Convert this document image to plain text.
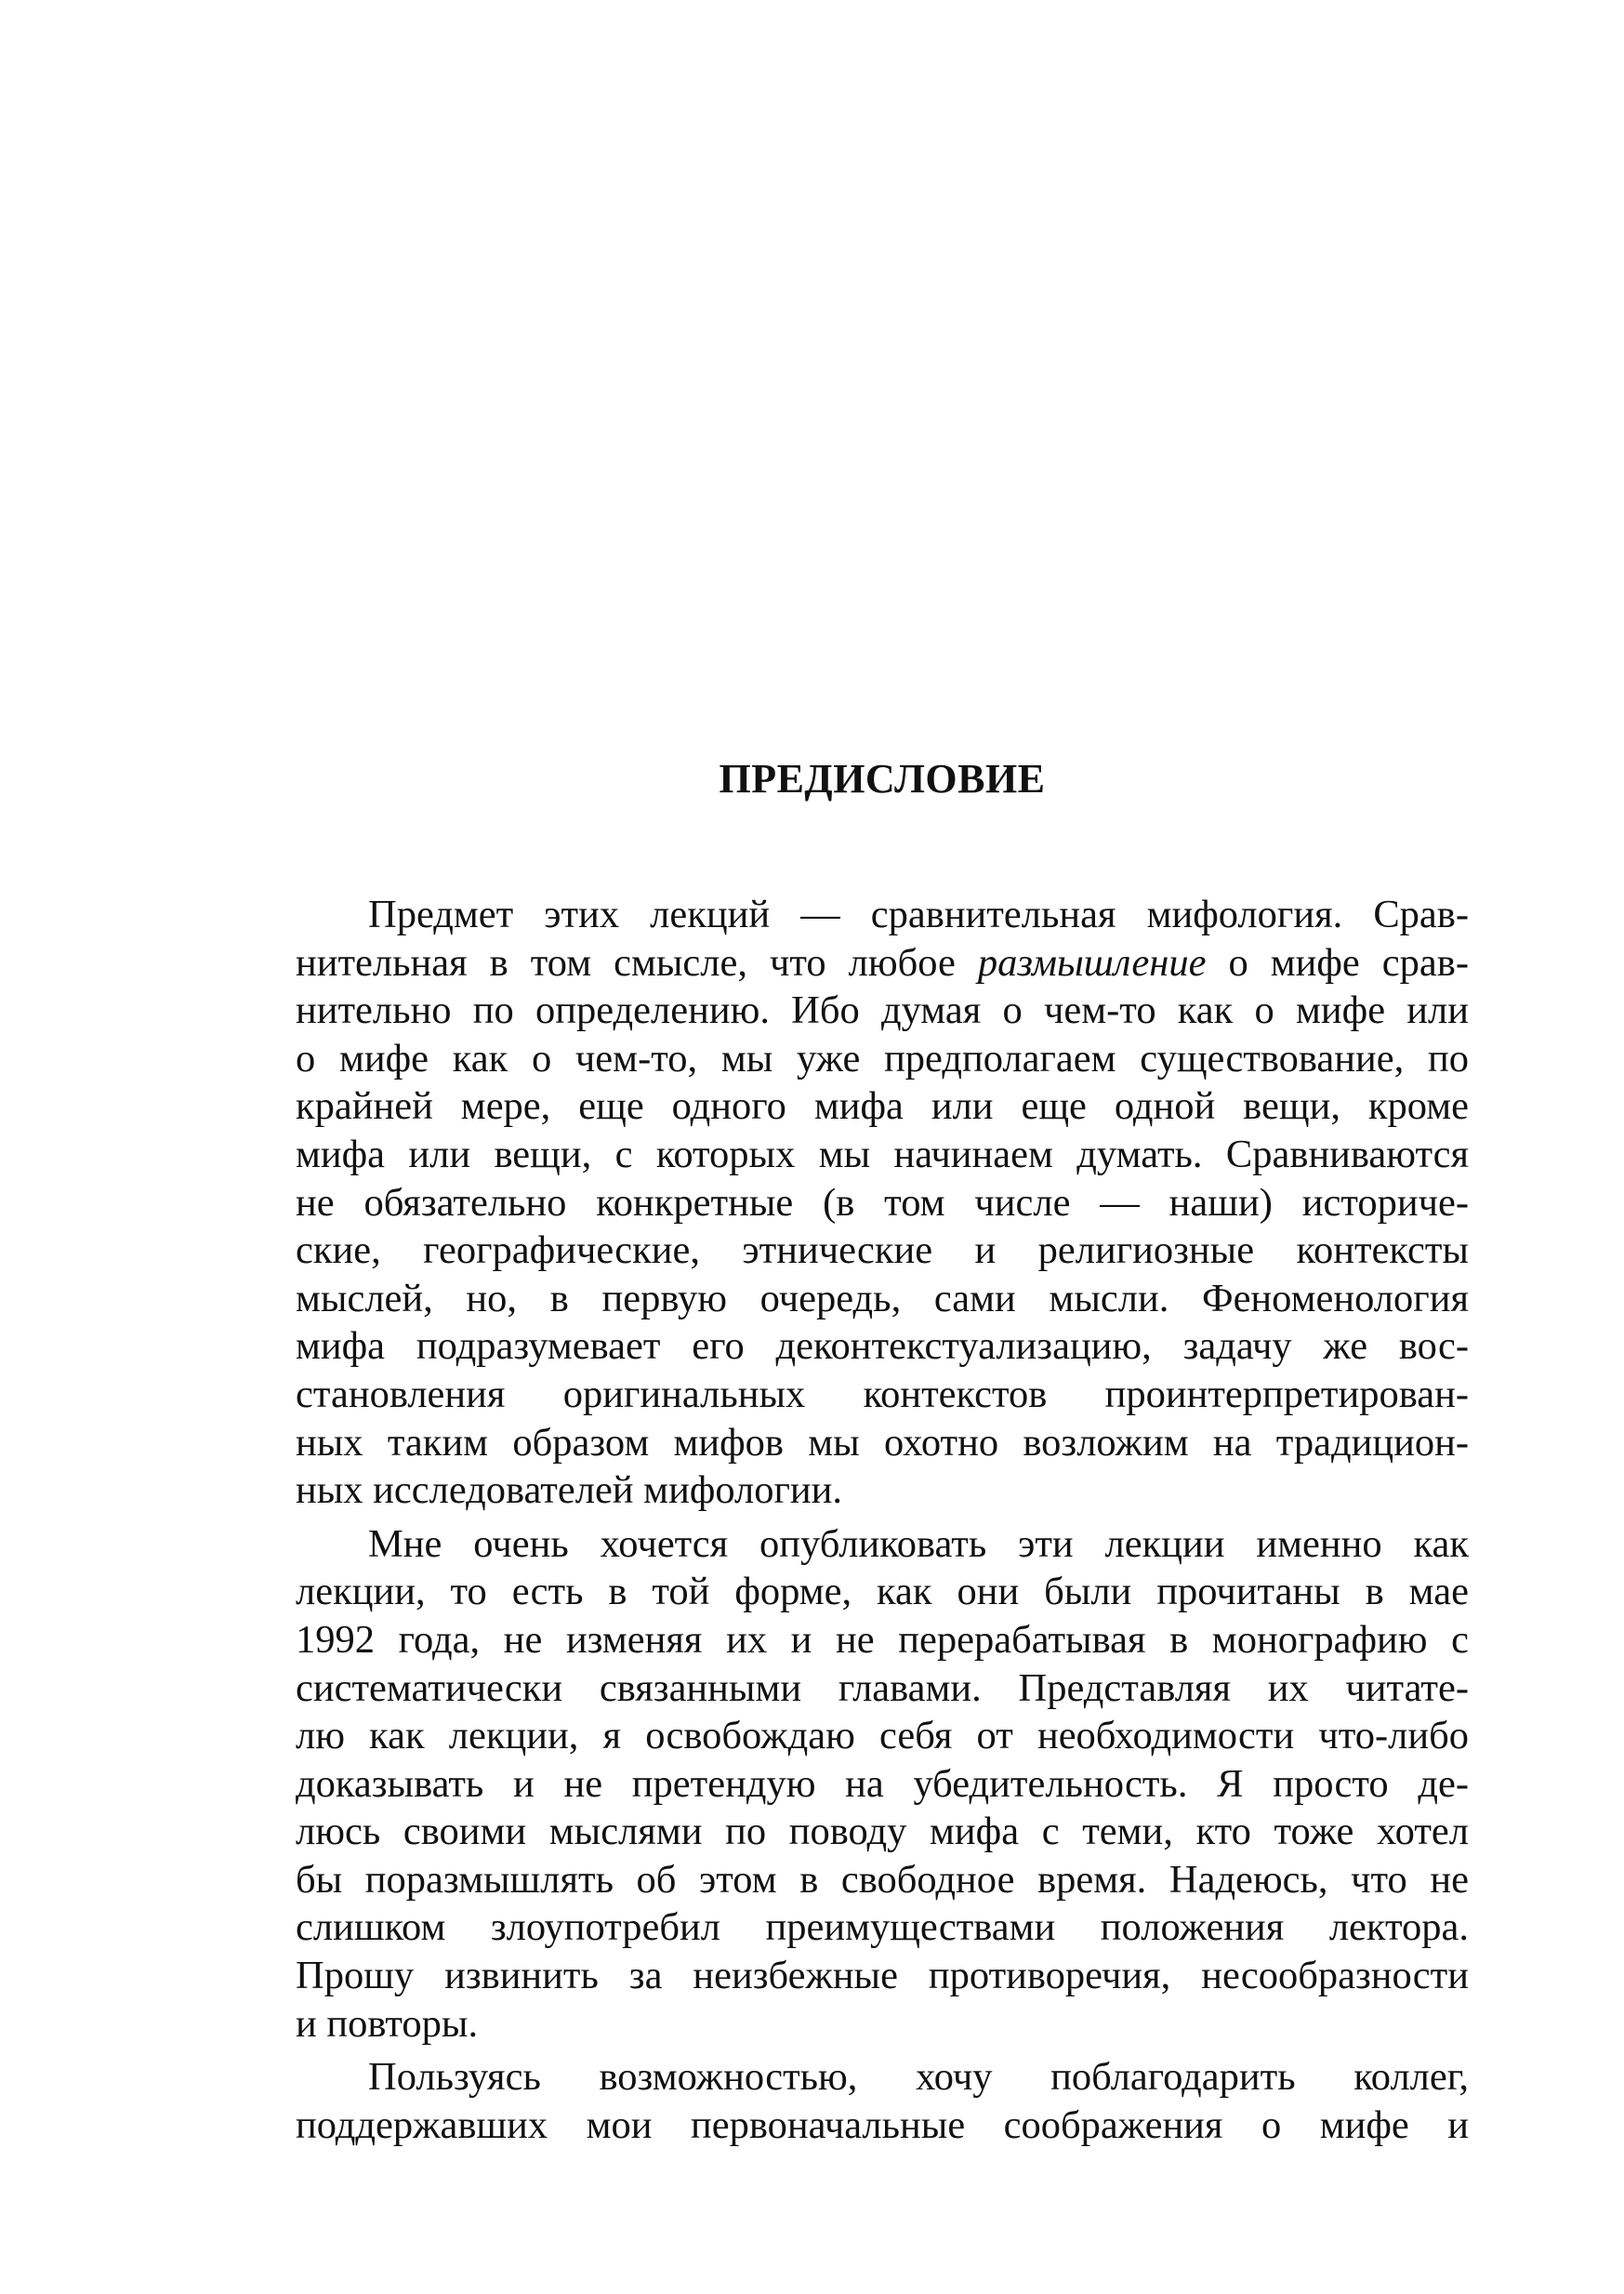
ПРЕДИСЛОВИЕ
Предмет этих лекций — сравнительная мифология. Срав-
нительная в том смысле, что любое размышление о мифе срав-
нительно по определению. Ибо думая о чем-то как о мифе или
о мифе как о чем-то, мы уже предполагаем существование, по
крайней мере, еще одного мифа или еще одной вещи, кроме
мифа или вещи, с которых мы начинаем думать. Сравниваются
не обязательно конкретные (в том числе — наши) историче-
ские, географические, этнические и религиозные контексты
мыслей, но, в первую очередь, сами мысли. Феноменология
мифа подразумевает его деконтекстуализацию, задачу же вос-
становления оригинальных контекстов проинтерпретирован-
ных таким образом мифов мы охотно возложим на традицион-
ных исследователей мифологии.
Мне очень хочется опубликовать эти лекции именно как
лекции, то есть в той форме, как они были прочитаны в мае
1992 года, не изменяя их и не перерабатывая в монографию с
систематически связанными главами. Представляя их читате-
лю как лекции, я освобождаю себя от необходимости что-либо
доказывать и не претендую на убедительность. Я просто де-
люсь своими мыслями по поводу мифа с теми, кто тоже хотел
бы поразмышлять об этом в свободное время. Надеюсь, что не
слишком злоупотребил преимуществами положения лектора.
Прошу извинить за неизбежные противоречия, несообразности
и повторы.
Пользуясь возможностью, хочу поблагодарить коллег,
поддержавших мои первоначальные соображения о мифе и
